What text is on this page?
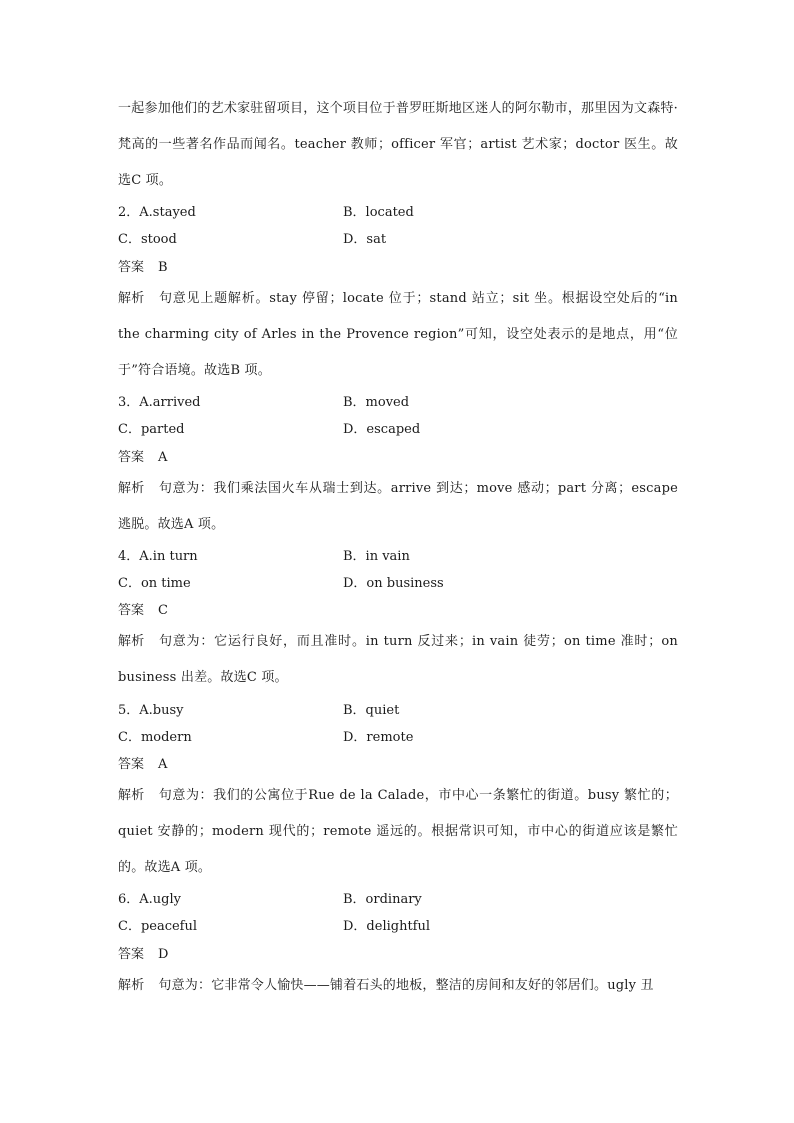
一起参加他们的艺术家驻留项目，这个项目位于普罗旺斯地区迷人的阿尔勒市，那里因为文森特·梵高的一些著名作品而闻名。teacher 教师；officer 军官；artist 艺术家；doctor 医生。故选C 项。
2．A.stayed	B．located
C．stood	D．sat
答案 B
解析 句意见上题解析。stay 停留；locate 位于；stand 站立；sit 坐。根据设空处后的“in the charming city of Arles in the Provence region”可知，设空处表示的是地点，用“位于”符合语境。故选B 项。
3．A.arrived	B．moved
C．parted	D．escaped
答案 A
解析 句意为：我们乘法国火车从瑞士到达。arrive 到达；move 感动；part 分离；escape 逃脱。故选A 项。
4．A.in turn	B．in vain
C．on time	D．on business
答案 C
解析 句意为：它运行良好，而且准时。in turn 反过来；in vain 徒劳；on time 准时；on business 出差。故选C 项。
5．A.busy	B．quiet
C．modern	D．remote
答案 A
解析 句意为：我们的公寓位于Rue de la Calade，市中心一条繁忙的街道。busy 繁忙的；quiet 安静的；modern 现代的；remote 遥远的。根据常识可知，市中心的街道应该是繁忙的。故选A 项。
6．A.ugly	B．ordinary
C．peaceful	D．delightful
答案 D
解析 句意为：它非常令人愉快——铺着石头的地板，整洁的房间和友好的邻居们。ugly 丑
